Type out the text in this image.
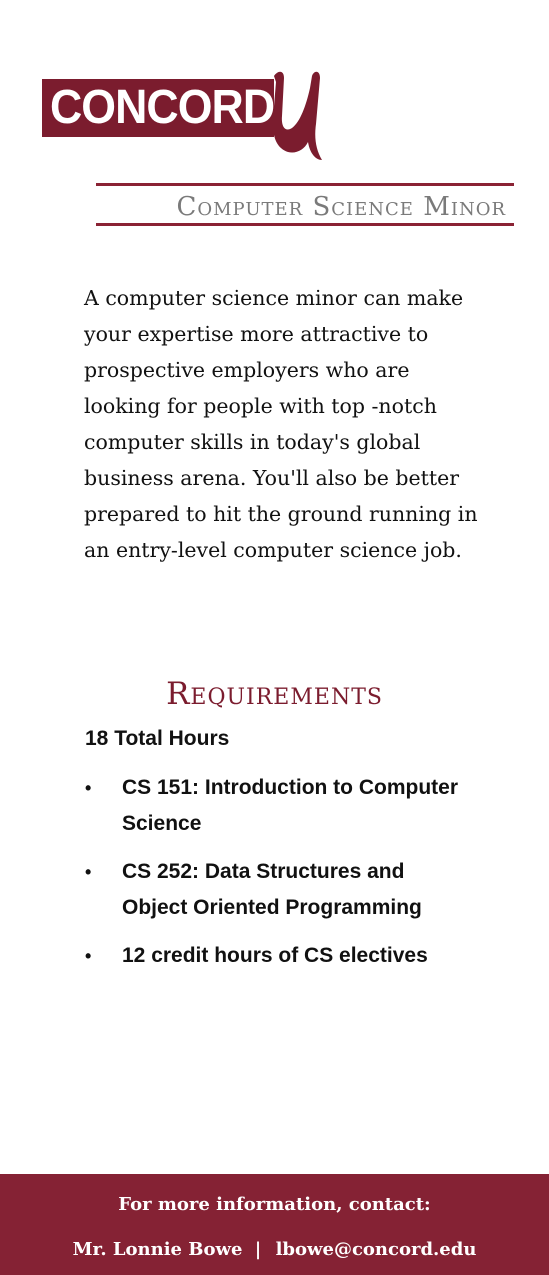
CONCORD
Computer Science Minor

A computer science minor can make your expertise more attractive to prospective employers who are looking for people with top -notch computer skills in today's global business arena. You'll also be better prepared to hit the ground running in an entry-level computer science job.

Requirements
18 Total Hours
• CS 151: Introduction to Computer Science
• CS 252: Data Structures and Object Oriented Programming
• 12 credit hours of CS electives
For more information, contact:
Mr. Lonnie Bowe | lbowe@concord.edu
